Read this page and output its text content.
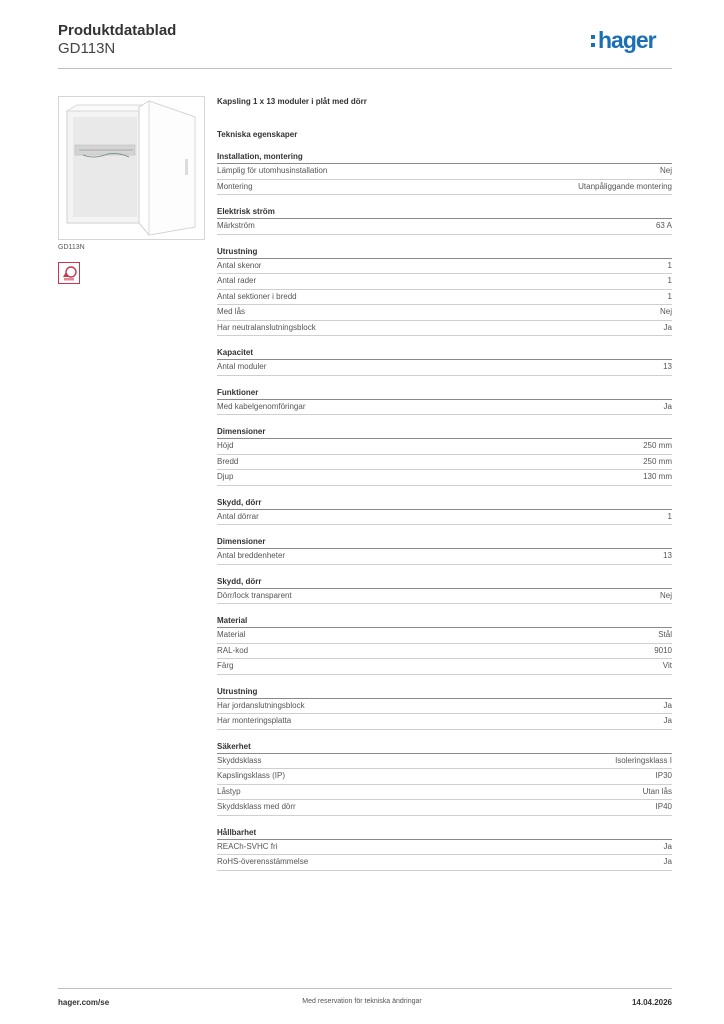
Produktdatablad
GD113N	hager
GD113N
Kapsling 1 x 13 moduler i plåt med dörr
Tekniska egenskaper
Installation, montering
Lämplig för utomhusinstallation	Nej
Montering	Utanpåliggande montering
Elektrisk ström
Märkström	63 A
Utrustning
Antal skenor	1
Antal rader	1
Antal sektioner i bredd	1
Med lås	Nej
Har neutralanslutningsblock	Ja
Kapacitet
Antal moduler	13
Funktioner
Med kabelgenomföringar	Ja
Dimensioner
Höjd	250 mm
Bredd	250 mm
Djup	130 mm
Skydd, dörr
Antal dörrar	1
Dimensioner
Antal breddenheter	13
Skydd, dörr
Dörr/lock transparent	Nej
Material
Material	Stål
RAL-kod	9010
Färg	Vit
Utrustning
Har jordanslutningsblock	Ja
Har monteringsplatta	Ja
Säkerhet
Skyddsklass	Isoleringsklass I
Kapslingsklass (IP)	IP30
Låstyp	Utan lås
Skyddsklass med dörr	IP40
Hållbarhet
REACh-SVHC fri	Ja
RoHS-överensstämmelse	Ja
hager.com/se	Med reservation för tekniska ändringar	14.04.2026
